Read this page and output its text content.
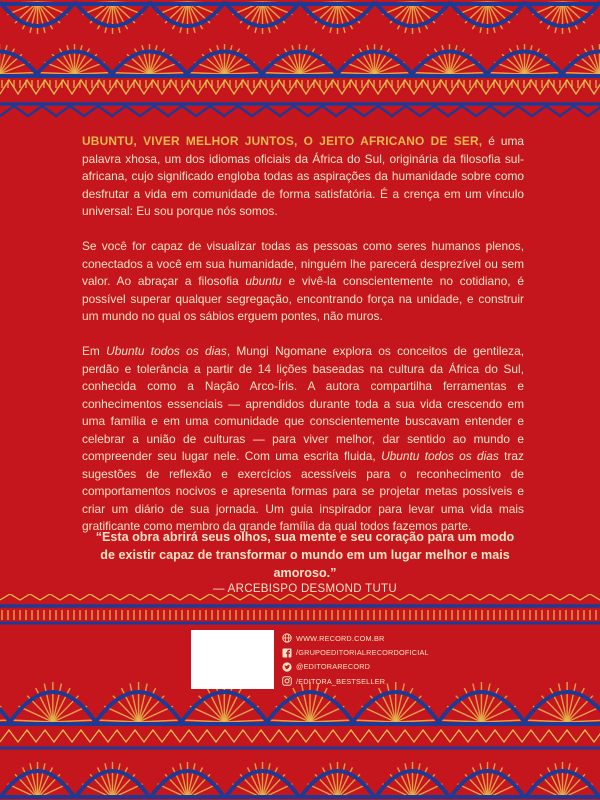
UBUNTU, VIVER MELHOR JUNTOS, O JEITO AFRICANO DE SER, é uma palavra xhosa, um dos idiomas oficiais da África do Sul, originária da filosofia sul-africana, cujo significado engloba todas as aspirações da humanidade sobre como desfrutar a vida em comunidade de forma satisfatória. É a crença em um vínculo universal: Eu sou porque nós somos.

Se você for capaz de visualizar todas as pessoas como seres humanos plenos, conectados a você em sua humanidade, ninguém lhe parecerá desprezível ou sem valor. Ao abraçar a filosofia ubuntu e vivê-la conscientemente no cotidiano, é possível superar qualquer segregação, encontrando força na unidade, e construir um mundo no qual os sábios erguem pontes, não muros.

Em Ubuntu todos os dias, Mungi Ngomane explora os conceitos de gentileza, perdão e tolerância a partir de 14 lições baseadas na cultura da África do Sul, conhecida como a Nação Arco-Íris. A autora compartilha ferramentas e conhecimentos essenciais — aprendidos durante toda a sua vida crescendo em uma família e em uma comunidade que conscientemente buscavam entender e celebrar a união de culturas — para viver melhor, dar sentido ao mundo e compreender seu lugar nele. Com uma escrita fluida, Ubuntu todos os dias traz sugestões de reflexão e exercícios acessíveis para o reconhecimento de comportamentos nocivos e apresenta formas para se projetar metas possíveis e criar um diário de sua jornada. Um guia inspirador para levar uma vida mais gratificante como membro da grande família da qual todos fazemos parte.

“Esta obra abrirá seus olhos, sua mente e seu coração para um modo de existir capaz de transformar o mundo em um lugar melhor e mais amoroso.”
— ARCEBISPO DESMOND TUTU
WWW.RECORD.COM.BR
/GRUPOEDITORIALRECORDOFICIAL
@EDITORARECORD
/EDITORA_BESTSELLER
